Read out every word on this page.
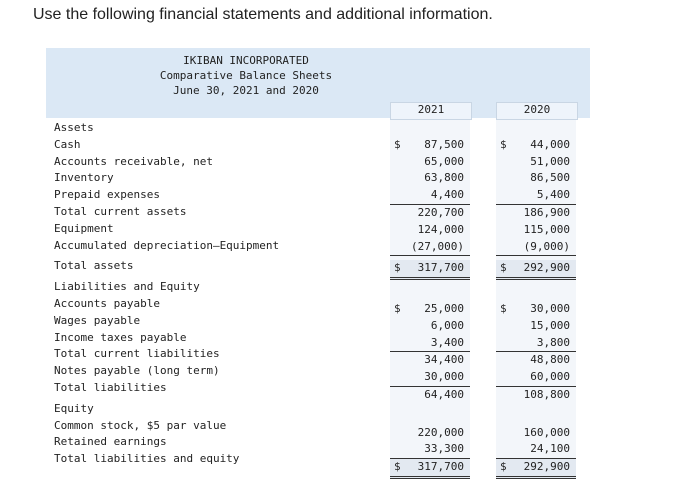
Use the following financial statements and additional information.
IKIBAN INCORPORATED
Comparative Balance Sheets
June 30, 2021 and 2020
2021	2020
Assets
Cash
Accounts receivable, net
Inventory
Prepaid expenses
Total current assets
Equipment
Accumulated depreciation—Equipment
Total assets
Liabilities and Equity
Accounts payable
Wages payable
Income taxes payable
Total current liabilities
Notes payable (long term)
Total liabilities
Equity
Common stock, $5 par value
Retained earnings
Total liabilities and equity
$ 87,500
65,000
63,800
4,400
220,700
124,000
(27,000)
$ 317,700
$ 25,000
6,000
3,400
34,400
30,000
64,400
220,000
33,300
$ 317,700
$ 44,000
51,000
86,500
5,400
186,900
115,000
(9,000)
$ 292,900
$ 30,000
15,000
3,800
48,800
60,000
108,800
160,000
24,100
$ 292,900
